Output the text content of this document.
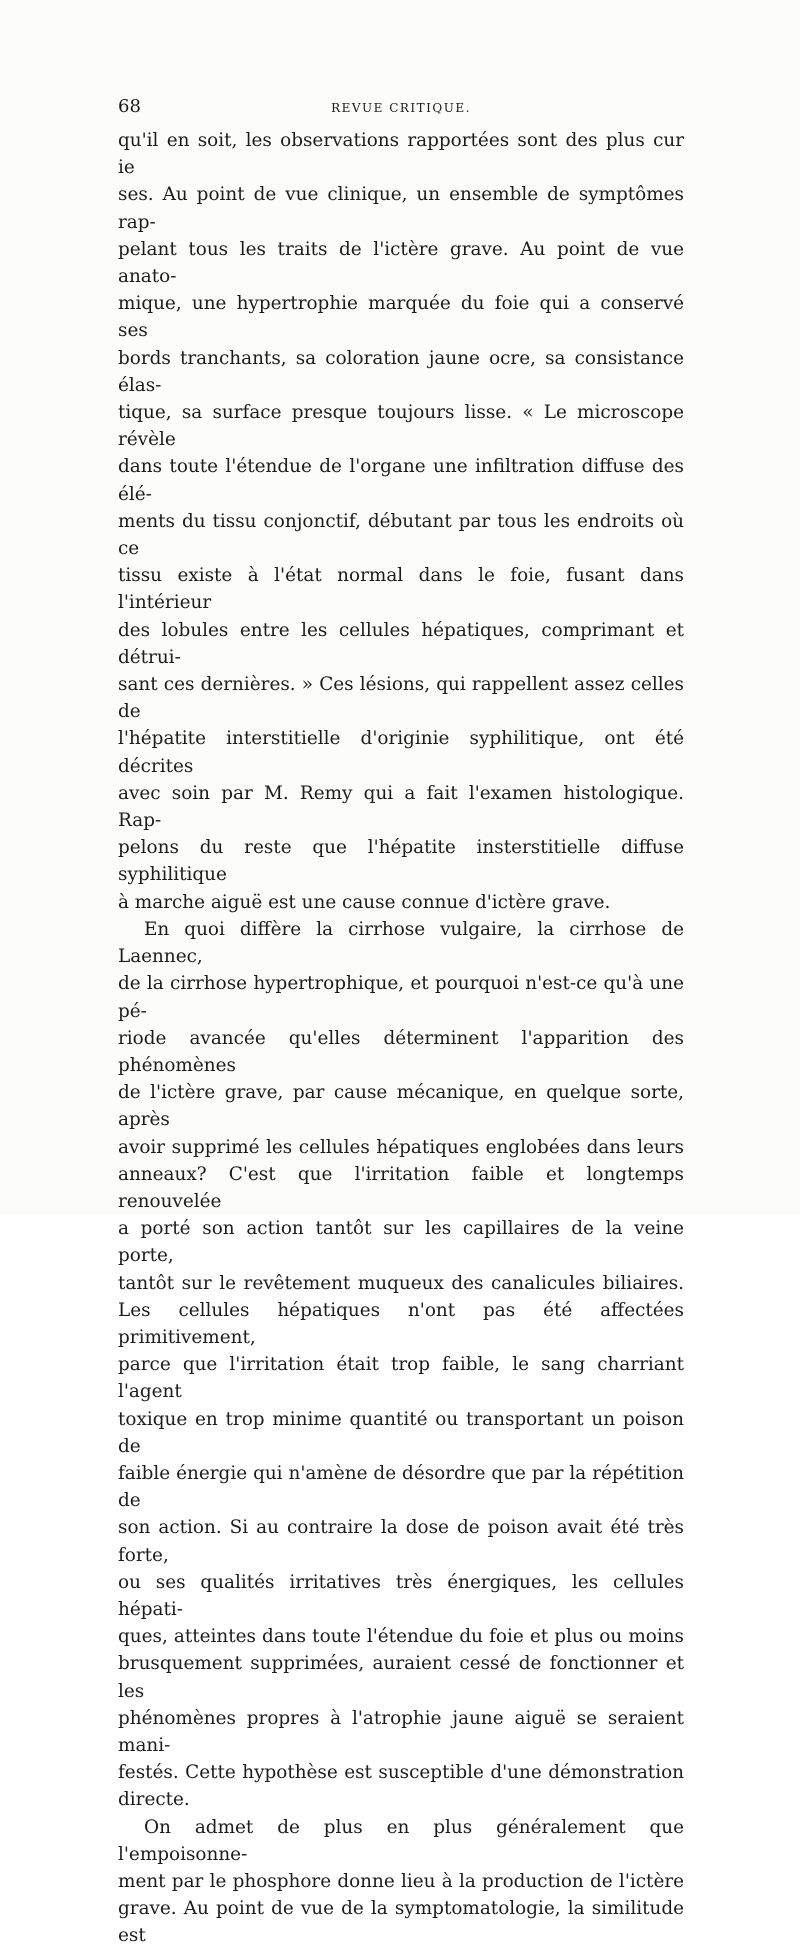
68	REVUE CRITIQUE.

qu'il en soit, les observations rapportées sont des plus cur ie

ses. Au point de vue clinique, un ensemble de symptômes rap-

pelant tous les traits de l'ictère grave. Au point de vue anato-

mique, une hypertrophie marquée du foie qui a conservé ses

bords tranchants, sa coloration jaune ocre, sa consistance élas-

tique, sa surface presque toujours lisse. « Le microscope révèle

dans toute l'étendue de l'organe une infiltration diffuse des élé-

ments du tissu conjonctif, débutant par tous les endroits où ce

tissu existe à l'état normal dans le foie, fusant dans l'intérieur

des lobules entre les cellules hépatiques, comprimant et détrui-

sant ces dernières. » Ces lésions, qui rappellent assez celles de

l'hépatite interstitielle d'originie syphilitique, ont été décrites

avec soin par M. Remy qui a fait l'examen histologique. Rap-

pelons du reste que l'hépatite insterstitielle diffuse syphilitique

à marche aiguë est une cause connue d'ictère grave.

En quoi diffère la cirrhose vulgaire, la cirrhose de Laennec,

de la cirrhose hypertrophique, et pourquoi n'est-ce qu'à une pé-

riode avancée qu'elles déterminent l'apparition des phénomènes

de l'ictère grave, par cause mécanique, en quelque sorte, après

avoir supprimé les cellules hépatiques englobées dans leurs

anneaux? C'est que l'irritation faible et longtemps renouvelée

a porté son action tantôt sur les capillaires de la veine porte,

tantôt sur le revêtement muqueux des canalicules biliaires.

Les cellules hépatiques n'ont pas été affectées primitivement,

parce que l'irritation était trop faible, le sang charriant l'agent

toxique en trop minime quantité ou transportant un poison de

faible énergie qui n'amène de désordre que par la répétition de

son action. Si au contraire la dose de poison avait été très forte,

ou ses qualités irritatives très énergiques, les cellules hépati-

ques, atteintes dans toute l'étendue du foie et plus ou moins

brusquement supprimées, auraient cessé de fonctionner et les

phénomènes propres à l'atrophie jaune aiguë se seraient mani-

festés. Cette hypothèse est susceptible d'une démonstration

directe.

On admet de plus en plus généralement que l'empoisonne-

ment par le phosphore donne lieu à la production de l'ictère

grave. Au point de vue de la symptomatologie, la similitude est
